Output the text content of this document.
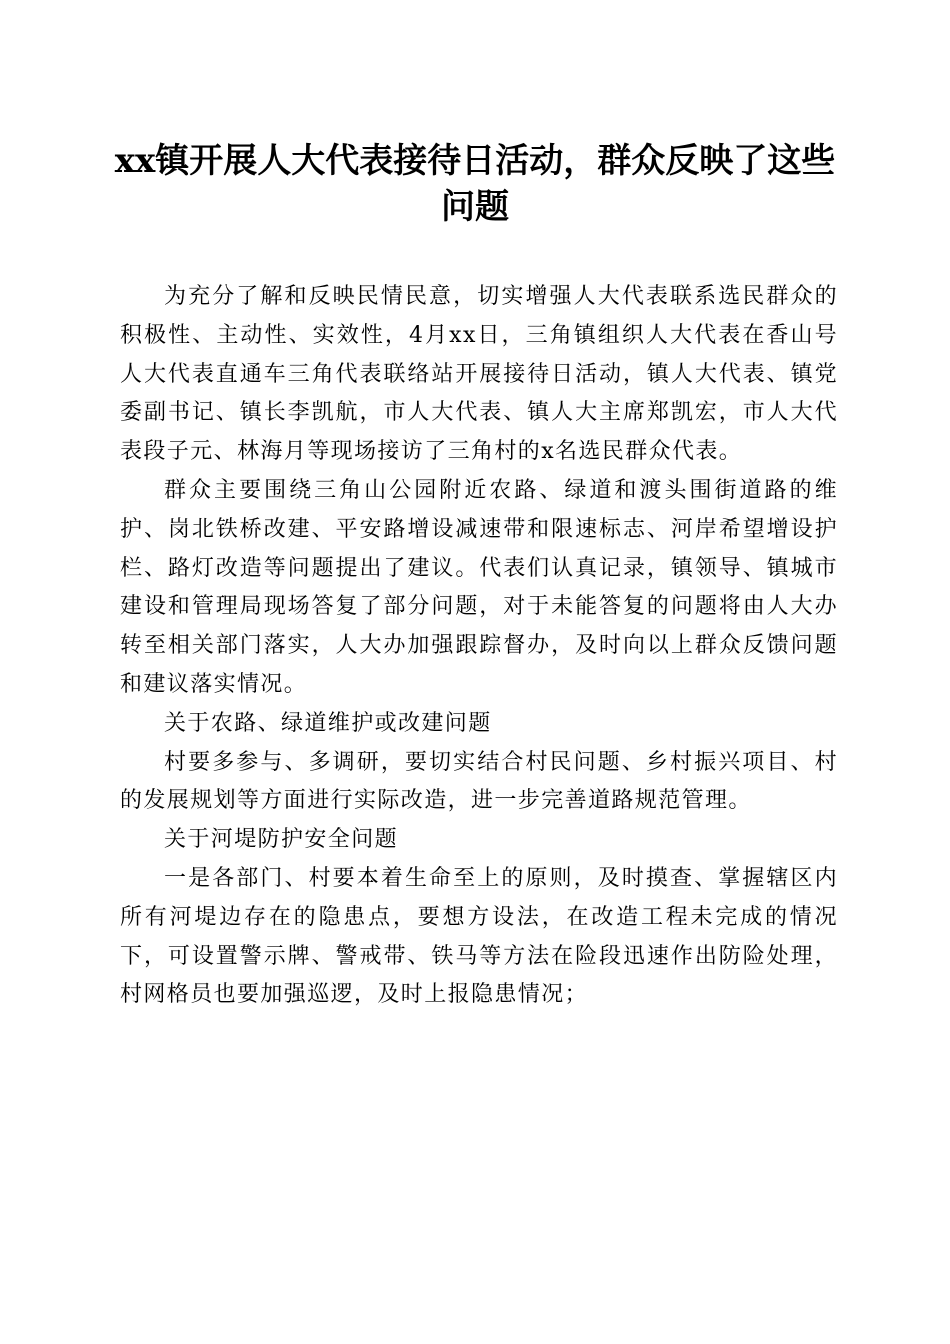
xx镇开展人大代表接待日活动，群众反映了这些问题

为充分了解和反映民情民意，切实增强人大代表联系选民群众的积极性、主动性、实效性，4月xx日，三角镇组织人大代表在香山号人大代表直通车三角代表联络站开展接待日活动，镇人大代表、镇党委副书记、镇长李凯航，市人大代表、镇人大主席郑凯宏，市人大代表段子元、林海月等现场接访了三角村的x名选民群众代表。

群众主要围绕三角山公园附近农路、绿道和渡头围街道路的维护、岗北铁桥改建、平安路增设减速带和限速标志、河岸希望增设护栏、路灯改造等问题提出了建议。代表们认真记录，镇领导、镇城市建设和管理局现场答复了部分问题，对于未能答复的问题将由人大办转至相关部门落实，人大办加强跟踪督办，及时向以上群众反馈问题和建议落实情况。

关于农路、绿道维护或改建问题

村要多参与、多调研，要切实结合村民问题、乡村振兴项目、村的发展规划等方面进行实际改造，进一步完善道路规范管理。

关于河堤防护安全问题

一是各部门、村要本着生命至上的原则，及时摸查、掌握辖区内所有河堤边存在的隐患点，要想方设法，在改造工程未完成的情况下，可设置警示牌、警戒带、铁马等方法在险段迅速作出防险处理，村网格员也要加强巡逻，及时上报隐患情况；
